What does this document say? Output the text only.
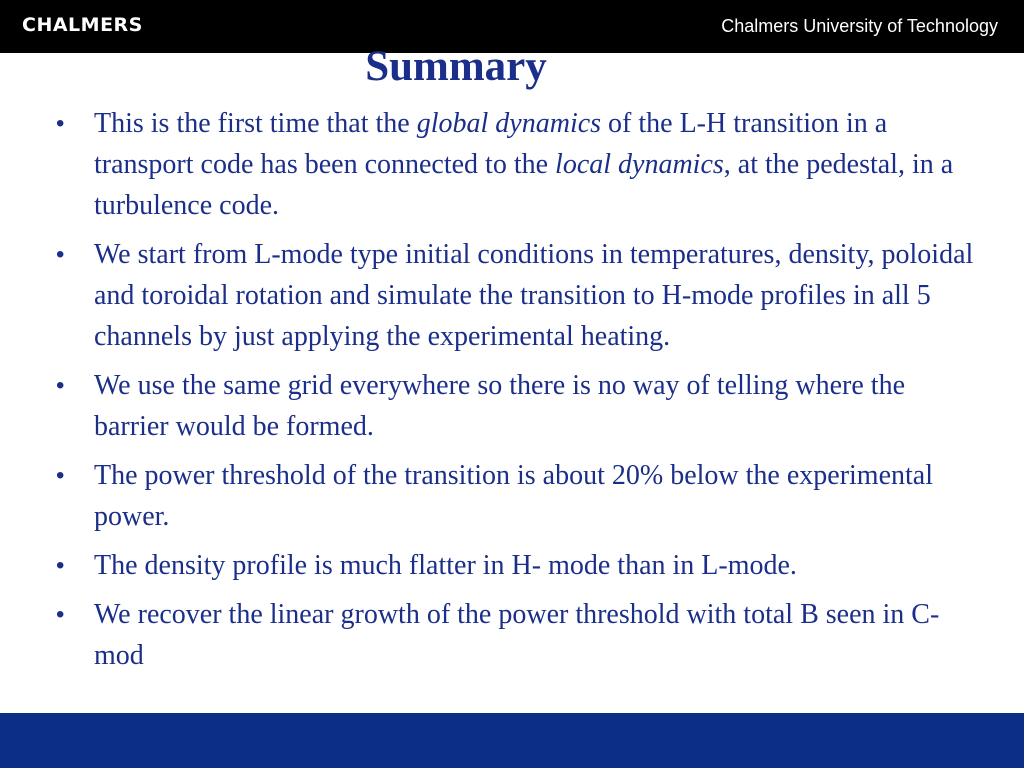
CHALMERS	Chalmers University of Technology
Summary
•	This is the first time that the global dynamics of the L-H transition in a transport code has been connected to the local dynamics, at the pedestal, in a turbulence code.
•	We start from L-mode type initial conditions in temperatures, density, poloidal and toroidal rotation and simulate the transition to H-mode profiles in all 5 channels by just applying the experimental heating.
•	We use the same grid everywhere so there is no way of telling where the barrier would be formed.
•	The power threshold of the transition is about 20% below the experimental power.
•	The density profile is much flatter in H- mode than in L-mode.
•	We recover the linear growth of the power threshold with total B seen in C-mod
